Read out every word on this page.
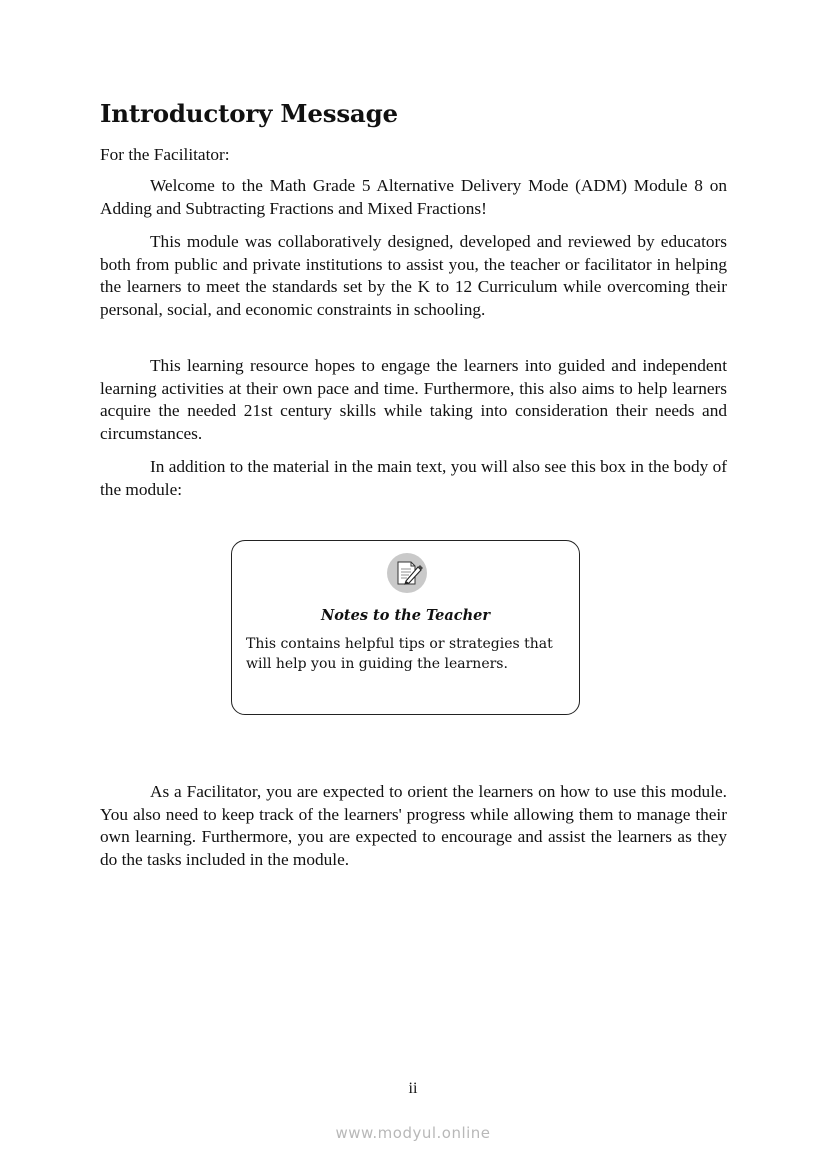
Introductory Message

For the Facilitator:

Welcome to the Math Grade 5 Alternative Delivery Mode (ADM) Module 8 on Adding and Subtracting Fractions and Mixed Fractions!

This module was collaboratively designed, developed and reviewed by educators both from public and private institutions to assist you, the teacher or facilitator in helping the learners to meet the standards set by the K to 12 Curriculum while overcoming their personal, social, and economic constraints in schooling.

This learning resource hopes to engage the learners into guided and independent learning activities at their own pace and time. Furthermore, this also aims to help learners acquire the needed 21st century skills while taking into consideration their needs and circumstances.

In addition to the material in the main text, you will also see this box in the body of the module:

Notes to the Teacher
This contains helpful tips or strategies that will help you in guiding the learners.

As a Facilitator, you are expected to orient the learners on how to use this module. You also need to keep track of the learners' progress while allowing them to manage their own learning. Furthermore, you are expected to encourage and assist the learners as they do the tasks included in the module.

ii
www.modyul.online
